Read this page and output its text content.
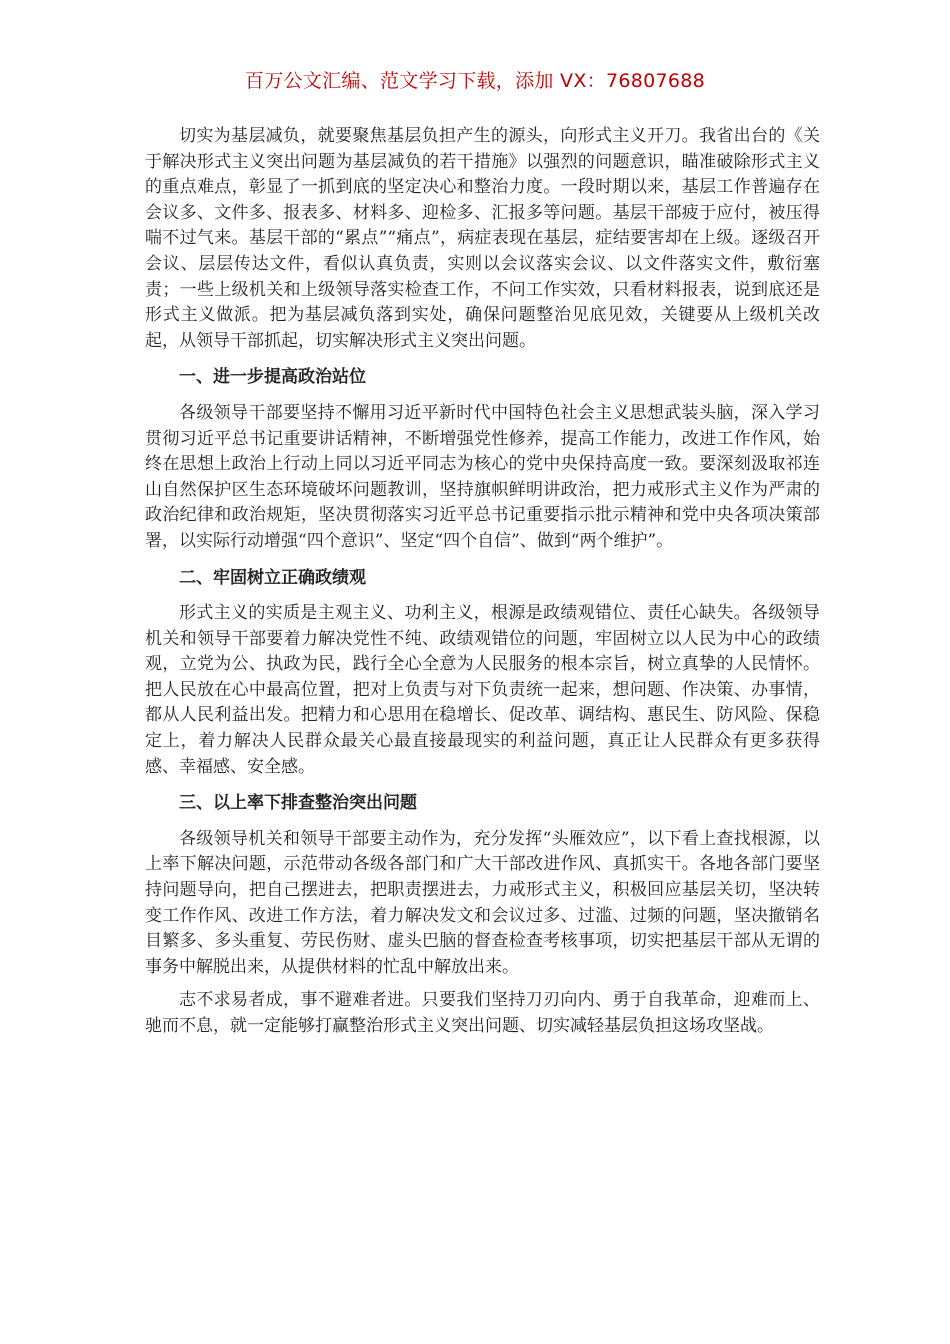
百万公文汇编、范文学习下载，添加 VX：76807688

切实为基层减负，就要聚焦基层负担产生的源头，向形式主义开刀。我省出台的《关于解决形式主义突出问题为基层减负的若干措施》以强烈的问题意识，瞄准破除形式主义的重点难点，彰显了一抓到底的坚定决心和整治力度。一段时期以来，基层工作普遍存在会议多、文件多、报表多、材料多、迎检多、汇报多等问题。基层干部疲于应付，被压得喘不过气来。基层干部的“累点”“痛点”，病症表现在基层，症结要害却在上级。逐级召开会议、层层传达文件，看似认真负责，实则以会议落实会议、以文件落实文件，敷衍塞责；一些上级机关和上级领导落实检查工作，不问工作实效，只看材料报表，说到底还是形式主义做派。把为基层减负落到实处，确保问题整治见底见效，关键要从上级机关改起，从领导干部抓起，切实解决形式主义突出问题。

一、进一步提高政治站位

各级领导干部要坚持不懈用习近平新时代中国特色社会主义思想武装头脑，深入学习贯彻习近平总书记重要讲话精神，不断增强党性修养，提高工作能力，改进工作作风，始终在思想上政治上行动上同以习近平同志为核心的党中央保持高度一致。要深刻汲取祁连山自然保护区生态环境破坏问题教训，坚持旗帜鲜明讲政治，把力戒形式主义作为严肃的政治纪律和政治规矩，坚决贯彻落实习近平总书记重要指示批示精神和党中央各项决策部署，以实际行动增强“四个意识”、坚定“四个自信”、做到“两个维护”。

二、牢固树立正确政绩观

形式主义的实质是主观主义、功利主义，根源是政绩观错位、责任心缺失。各级领导机关和领导干部要着力解决党性不纯、政绩观错位的问题，牢固树立以人民为中心的政绩观，立党为公、执政为民，践行全心全意为人民服务的根本宗旨，树立真挚的人民情怀。把人民放在心中最高位置，把对上负责与对下负责统一起来，想问题、作决策、办事情，都从人民利益出发。把精力和心思用在稳增长、促改革、调结构、惠民生、防风险、保稳定上，着力解决人民群众最关心最直接最现实的利益问题，真正让人民群众有更多获得感、幸福感、安全感。

三、以上率下排查整治突出问题

各级领导机关和领导干部要主动作为，充分发挥“头雁效应”，以下看上查找根源，以上率下解决问题，示范带动各级各部门和广大干部改进作风、真抓实干。各地各部门要坚持问题导向，把自己摆进去，把职责摆进去，力戒形式主义，积极回应基层关切，坚决转变工作作风、改进工作方法，着力解决发文和会议过多、过滥、过频的问题，坚决撤销名目繁多、多头重复、劳民伤财、虚头巴脑的督查检查考核事项，切实把基层干部从无谓的事务中解脱出来，从提供材料的忙乱中解放出来。

志不求易者成，事不避难者进。只要我们坚持刀刃向内、勇于自我革命，迎难而上、驰而不息，就一定能够打赢整治形式主义突出问题、切实减轻基层负担这场攻坚战。
